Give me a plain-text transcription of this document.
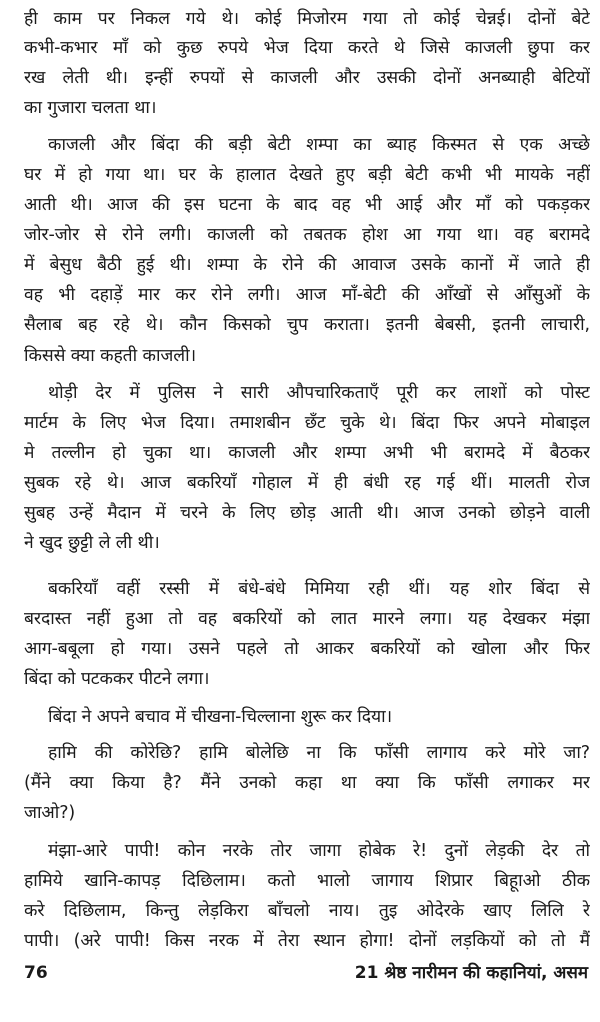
ही काम पर निकल गये थे। कोई मिजोरम गया तो कोई चेन्नई। दोनों बेटे
कभी-कभार माँ को कुछ रुपये भेज दिया करते थे जिसे काजली छुपा कर
रख लेती थी। इन्हीं रुपयों से काजली और उसकी दोनों अनब्याही बेटियों
का गुजारा चलता था।
काजली और बिंदा की बड़ी बेटी शम्पा का ब्याह किस्मत से एक अच्छे
घर में हो गया था। घर के हालात देखते हुए बड़ी बेटी कभी भी मायके नहीं
आती थी। आज की इस घटना के बाद वह भी आई और माँ को पकड़कर
जोर-जोर से रोने लगी। काजली को तबतक होश आ गया था। वह बरामदे
में बेसुध बैठी हुई थी। शम्पा के रोने की आवाज उसके कानों में जाते ही
वह भी दहाड़ें मार कर रोने लगी। आज माँ-बेटी की आँखों से आँसुओं के
सैलाब बह रहे थे। कौन किसको चुप कराता। इतनी बेबसी, इतनी लाचारी,
किससे क्या कहती काजली।
थोड़ी देर में पुलिस ने सारी औपचारिकताएँ पूरी कर लाशों को पोस्ट
मार्टम के लिए भेज दिया। तमाशबीन छँट चुके थे। बिंदा फिर अपने मोबाइल
मे तल्लीन हो चुका था। काजली और शम्पा अभी भी बरामदे में बैठकर
सुबक रहे थे। आज बकरियाँ गोहाल में ही बंधी रह गई थीं। मालती रोज
सुबह उन्हें मैदान में चरने के लिए छोड़ आती थी। आज उनको छोड़ने वाली
ने खुद छुट्टी ले ली थी।
बकरियाँ वहीं रस्सी में बंधे-बंधे मिमिया रही थीं। यह शोर बिंदा से
बरदास्त नहीं हुआ तो वह बकरियों को लात मारने लगा। यह देखकर मंझा
आग-बबूला हो गया। उसने पहले तो आकर बकरियों को खोला और फिर
बिंदा को पटककर पीटने लगा।
बिंदा ने अपने बचाव में चीखना-चिल्लाना शुरू कर दिया।
हामि की कोरेछि? हामि बोलेछि ना कि फाँसी लागाय करे मोरे जा?
(मैंने क्या किया है? मैंने उनको कहा था क्या कि फाँसी लगाकर मर
जाओ?)
मंझा-आरे पापी! कोन नरके तोर जागा होबेक रे! दुनों लेड़की देर तो
हामिये खानि-कापड़ दिछिलाम। कतो भालो जागाय शिप्रार बिहूाओ ठीक
करे दिछिलाम, किन्तु लेड़किरा बाँचलो नाय। तुइ ओदेरके खाए लिलि रे
पापी। (अरे पापी! किस नरक में तेरा स्थान होगा! दोनों लड़कियों को तो मैं
76	21 श्रेष्ठ नारीमन की कहानियां, असम
